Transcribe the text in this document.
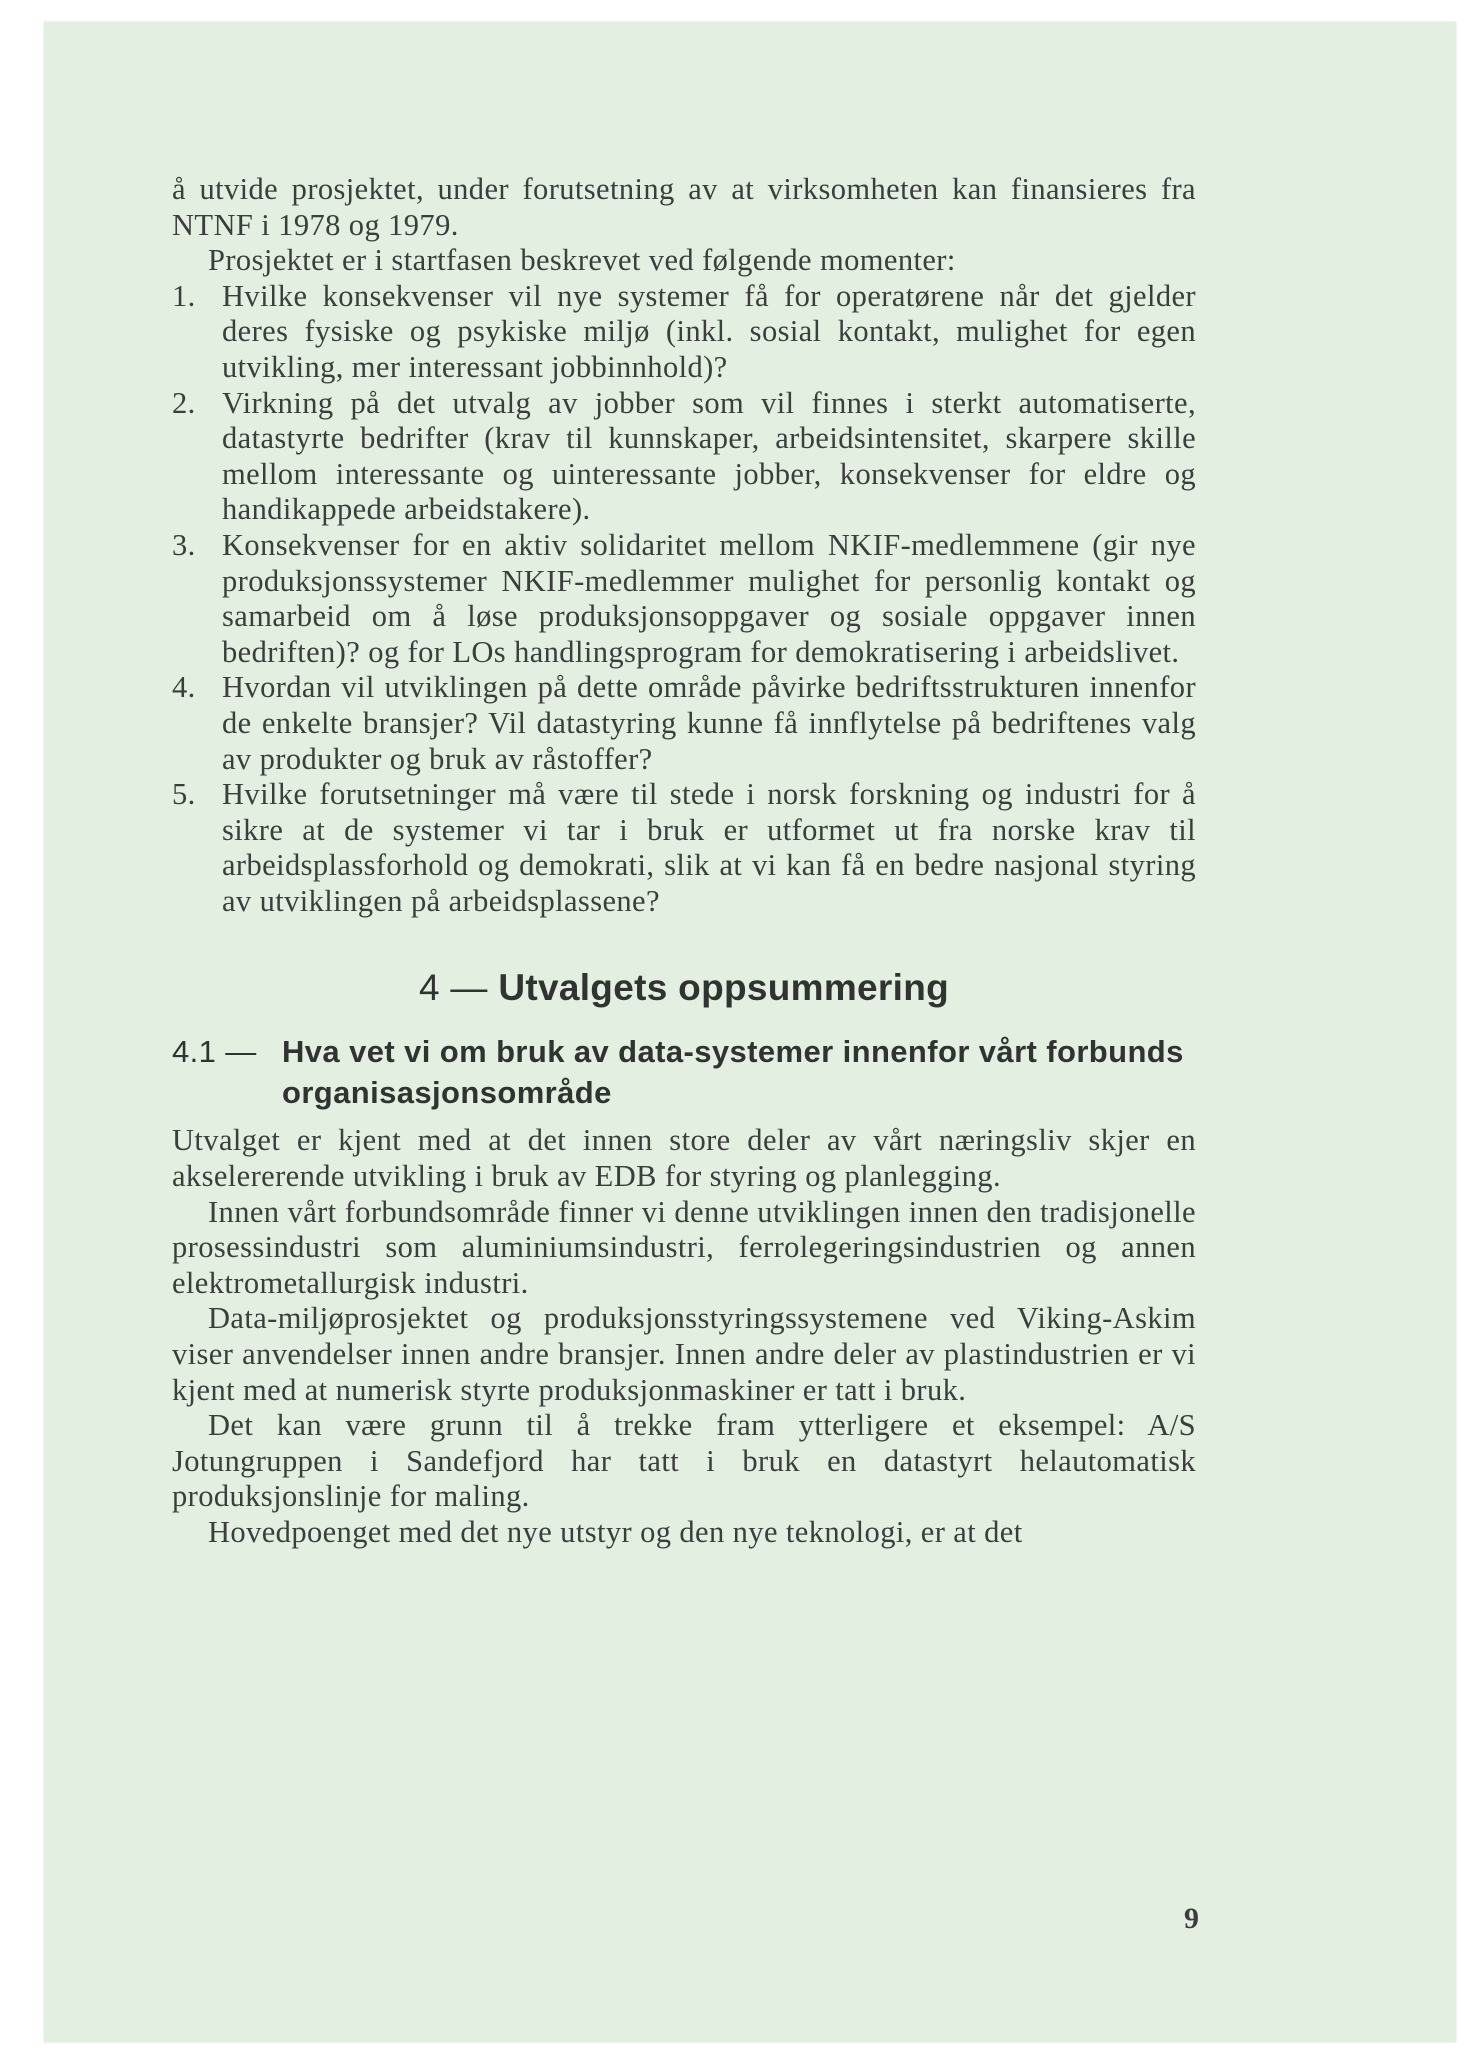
å utvide prosjektet, under forutsetning av at virksomheten kan finansieres fra NTNF i 1978 og 1979.

Prosjektet er i startfasen beskrevet ved følgende momenter:

1. Hvilke konsekvenser vil nye systemer få for operatørene når det gjelder deres fysiske og psykiske miljø (inkl. sosial kontakt, mulighet for egen utvikling, mer interessant jobbinnhold)?
2. Virkning på det utvalg av jobber som vil finnes i sterkt automatiserte, datastyrte bedrifter (krav til kunnskaper, arbeidsintensitet, skarpere skille mellom interessante og uinteressante jobber, konsekvenser for eldre og handikappede arbeidstakere).
3. Konsekvenser for en aktiv solidaritet mellom NKIF-medlemmene (gir nye produksjonssystemer NKIF-medlemmer mulighet for personlig kontakt og samarbeid om å løse produksjonsoppgaver og sosiale oppgaver innen bedriften)? og for LOs handlingsprogram for demokratisering i arbeidslivet.
4. Hvordan vil utviklingen på dette område påvirke bedriftsstrukturen innenfor de enkelte bransjer? Vil datastyring kunne få innflytelse på bedriftenes valg av produkter og bruk av råstoffer?
5. Hvilke forutsetninger må være til stede i norsk forskning og industri for å sikre at de systemer vi tar i bruk er utformet ut fra norske krav til arbeidsplassforhold og demokrati, slik at vi kan få en bedre nasjonal styring av utviklingen på arbeidsplassene?
4 — Utvalgets oppsummering
4.1 — Hva vet vi om bruk av data-systemer innenfor vårt forbunds organisasjonsområde

Utvalget er kjent med at det innen store deler av vårt næringsliv skjer en akselererende utvikling i bruk av EDB for styring og planlegging.

Innen vårt forbundsområde finner vi denne utviklingen innen den tradisjonelle prosessindustri som aluminiumsindustri, ferrolegeringsindustrien og annen elektrometallurgisk industri.

Data-miljøprosjektet og produksjonsstyringssystemene ved Viking-Askim viser anvendelser innen andre bransjer. Innen andre deler av plastindustrien er vi kjent med at numerisk styrte produksjonmaskiner er tatt i bruk.

Det kan være grunn til å trekke fram ytterligere et eksempel: A/S Jotungruppen i Sandefjord har tatt i bruk en datastyrt helautomatisk produksjonslinje for maling.

Hovedpoenget med det nye utstyr og den nye teknologi, er at det

9
